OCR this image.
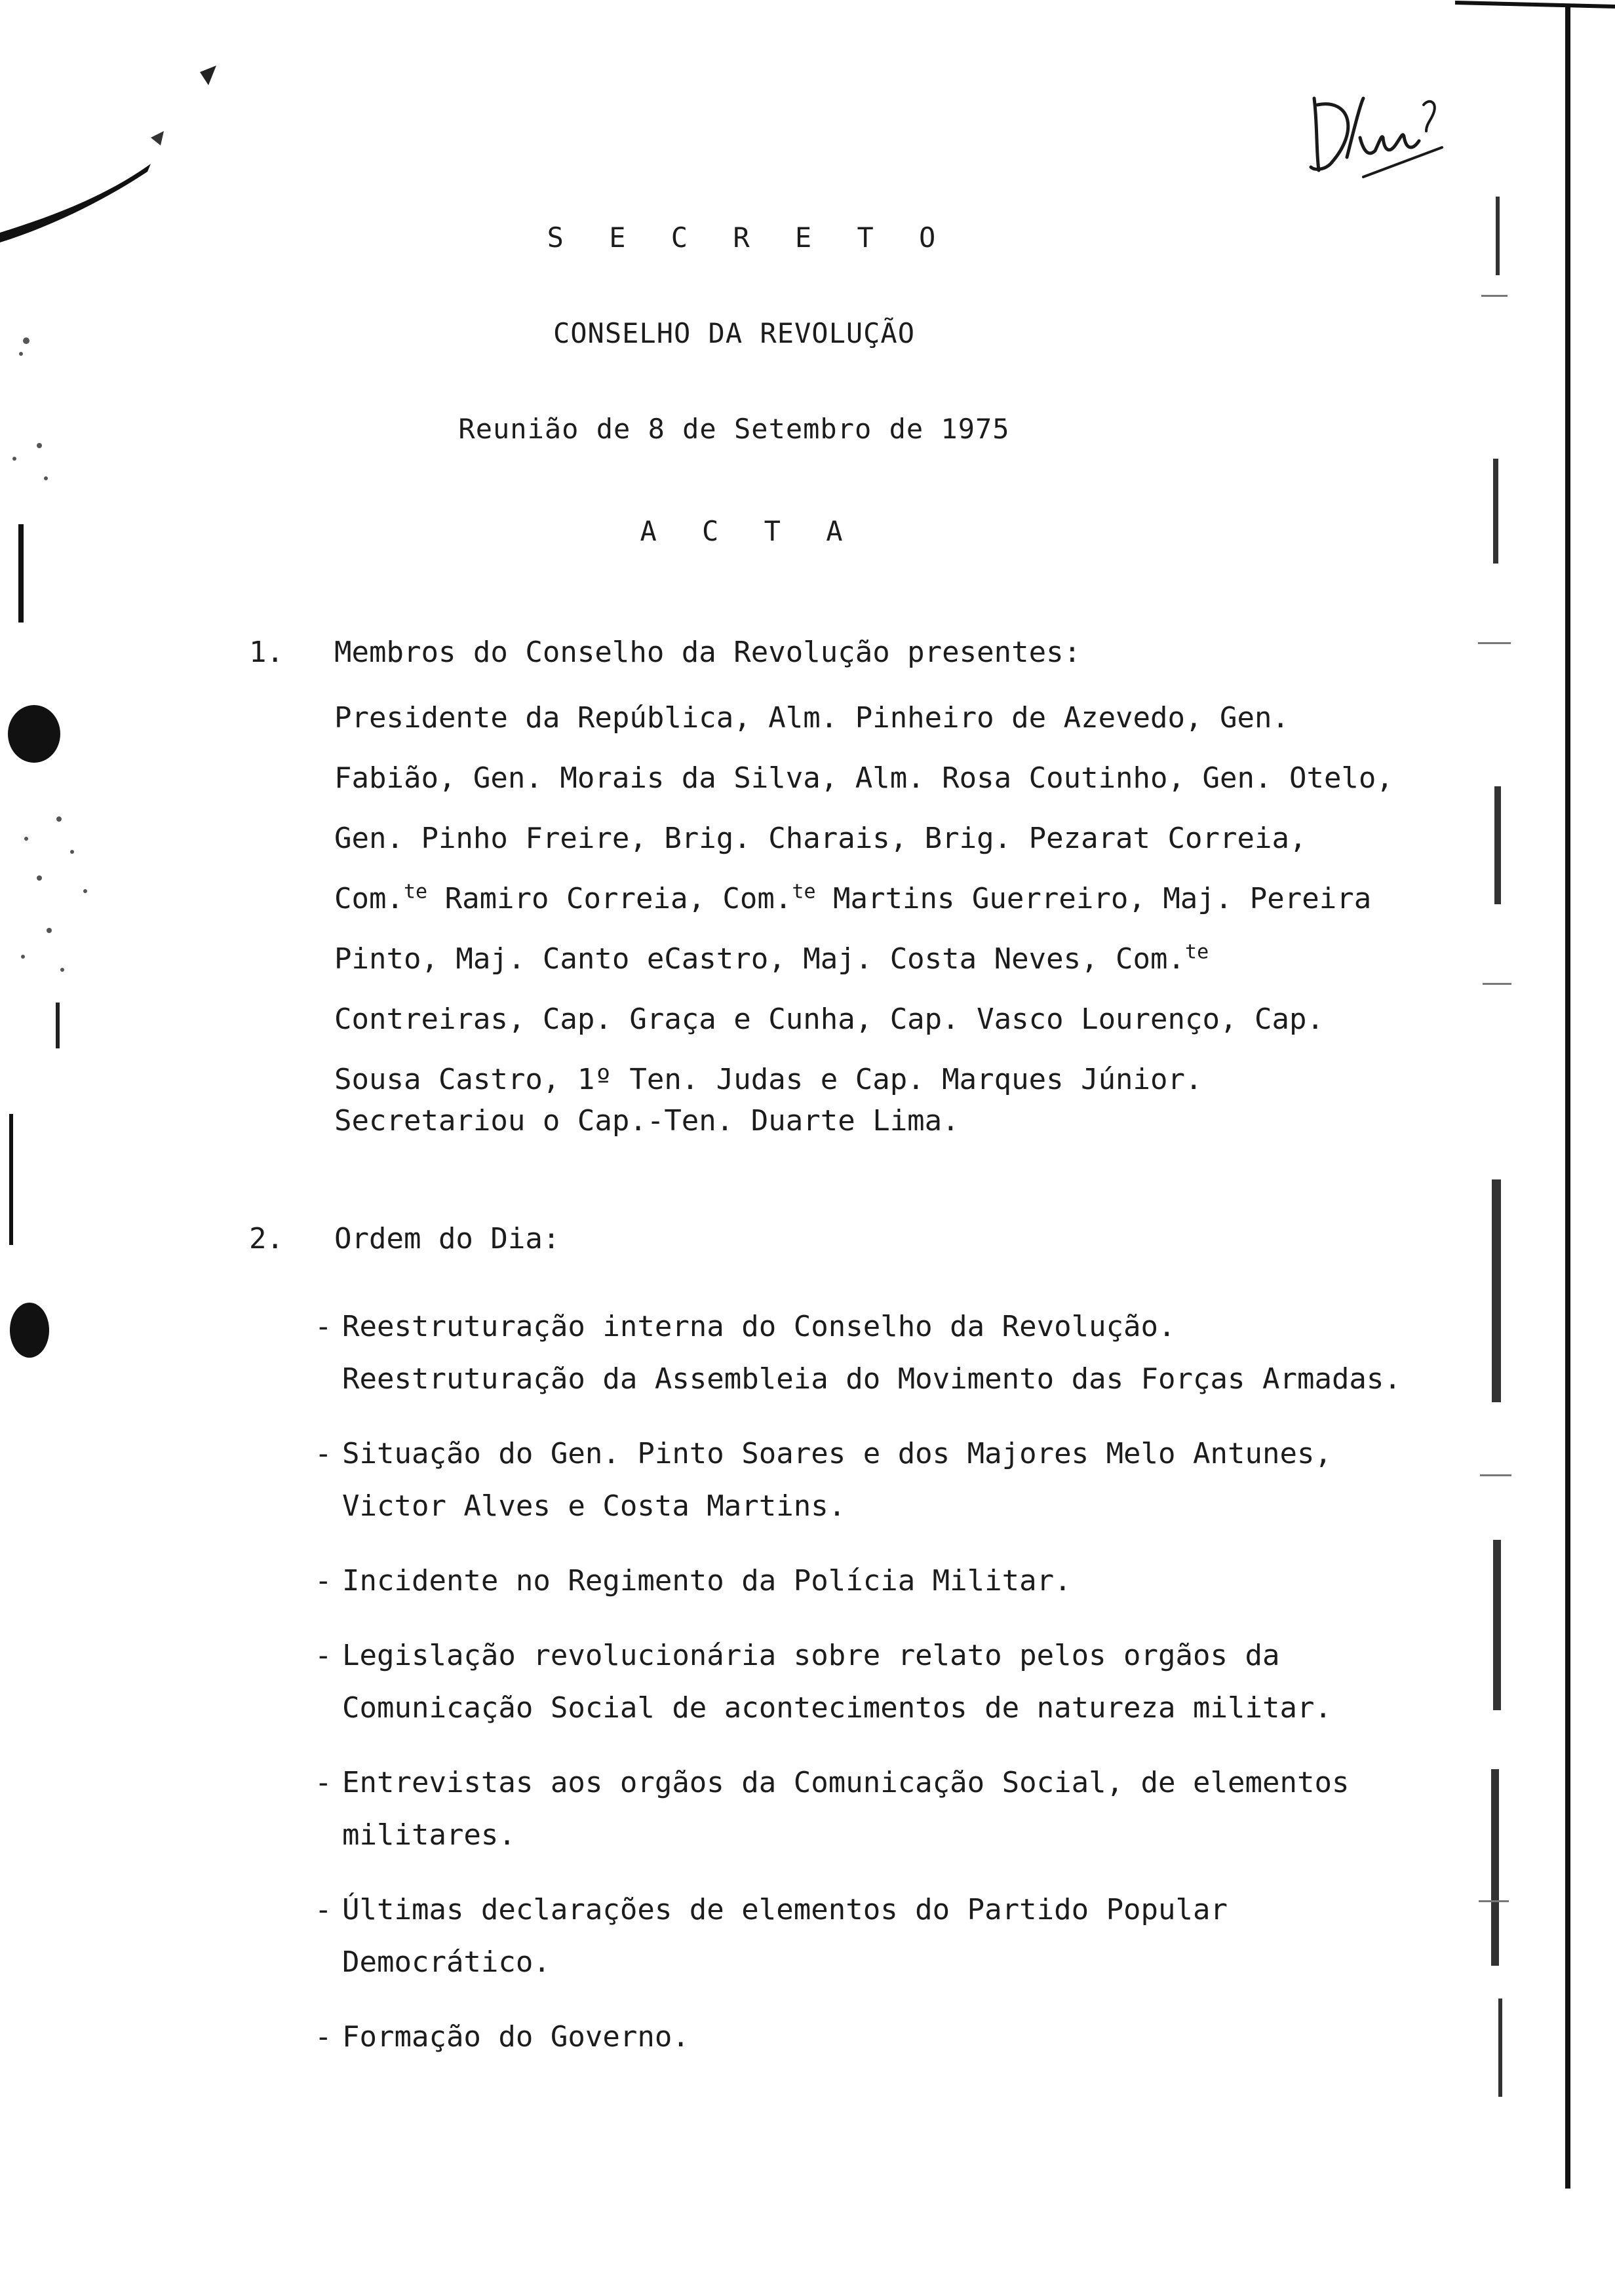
S E C R E T O
CONSELHO DA REVOLUÇÃO
Reunião de 8 de Setembro de 1975
A C T A
1. Membros do Conselho da Revolução presentes:
Presidente da República, Alm. Pinheiro de Azevedo, Gen. Fabião, Gen. Morais da Silva, Alm. Rosa Coutinho, Gen. Otelo, Gen. Pinho Freire, Brig. Charais, Brig. Pezarat Correia, Com.$^{te}$ Ramiro Correia, Com.$^{te}$ Martins Guerreiro, Maj. Pereira Pinto, Maj. Canto eCastro, Maj. Costa Neves, Com.$^{te}$ Contreiras, Cap. Graça e Cunha, Cap. Vasco Lourenço, Cap. Sousa Castro, 1º Ten. Judas e Cap. Marques Júnior.
Secretariou o Cap.-Ten. Duarte Lima.
2. Ordem do Dia:
- Reestruturação interna do Conselho da Revolução. Reestruturação da Assembleia do Movimento das Forças Armadas.
- Situação do Gen. Pinto Soares e dos Majores Melo Antunes, Victor Alves e Costa Martins.
- Incidente no Regimento da Polícia Militar.
- Legislação revolucionária sobre relato pelos orgãos da Comunicação Social de acontecimentos de natureza militar.
- Entrevistas aos orgãos da Comunicação Social, de elementos militares.
- Últimas declarações de elementos do Partido Popular Democrático.
- Formação do Governo.
